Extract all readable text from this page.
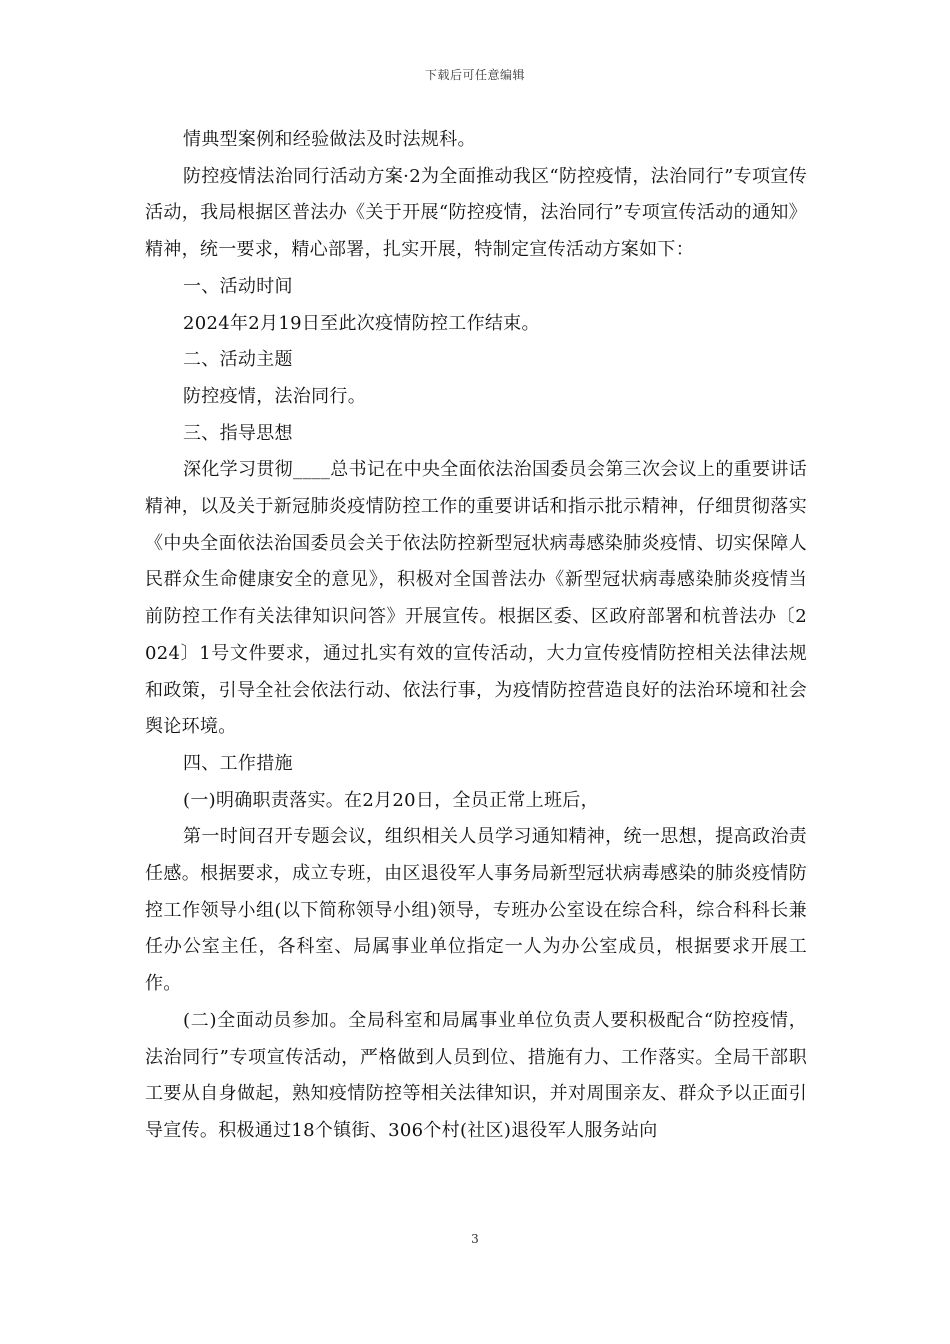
下载后可任意编辑

情典型案例和经验做法及时法规科。

防控疫情法治同行活动方案·2为全面推动我区“防控疫情，法治同行”专项宣传活动，我局根据区普法办《关于开展“防控疫情，法治同行”专项宣传活动的通知》精神，统一要求，精心部署，扎实开展，特制定宣传活动方案如下：

一、活动时间

2024年2月19日至此次疫情防控工作结束。

二、活动主题

防控疫情，法治同行。

三、指导思想

深化学习贯彻____总书记在中央全面依法治国委员会第三次会议上的重要讲话精神，以及关于新冠肺炎疫情防控工作的重要讲话和指示批示精神，仔细贯彻落实《中央全面依法治国委员会关于依法防控新型冠状病毒感染肺炎疫情、切实保障人民群众生命健康安全的意见》，积极对全国普法办《新型冠状病毒感染肺炎疫情当前防控工作有关法律知识问答》开展宣传。根据区委、区政府部署和杭普法办〔2024〕1号文件要求，通过扎实有效的宣传活动，大力宣传疫情防控相关法律法规和政策，引导全社会依法行动、依法行事，为疫情防控营造良好的法治环境和社会舆论环境。

四、工作措施

(一)明确职责落实。在2月20日，全员正常上班后，

第一时间召开专题会议，组织相关人员学习通知精神，统一思想，提高政治责任感。根据要求，成立专班，由区退役军人事务局新型冠状病毒感染的肺炎疫情防控工作领导小组(以下简称领导小组)领导，专班办公室设在综合科，综合科科长兼任办公室主任，各科室、局属事业单位指定一人为办公室成员，根据要求开展工作。

(二)全面动员参加。全局科室和局属事业单位负责人要积极配合“防控疫情，法治同行”专项宣传活动，严格做到人员到位、措施有力、工作落实。全局干部职工要从自身做起，熟知疫情防控等相关法律知识，并对周围亲友、群众予以正面引导宣传。积极通过18个镇街、306个村(社区)退役军人服务站向

3
